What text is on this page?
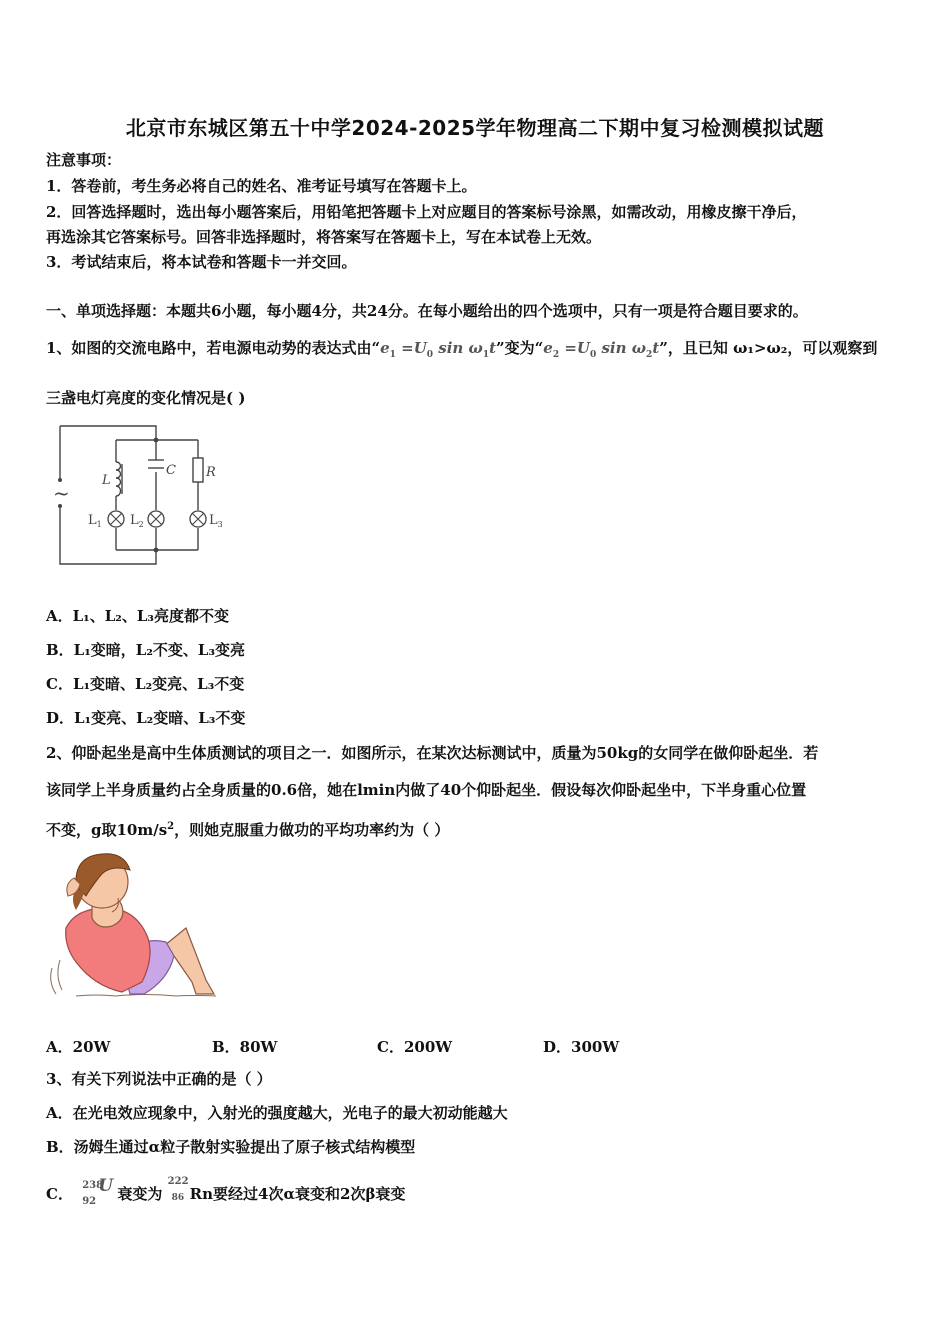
北京市东城区第五十中学2024-2025学年物理高二下期中复习检测模拟试题
注意事项：
1．答卷前，考生务必将自己的姓名、准考证号填写在答题卡上。
2．回答选择题时，选出每小题答案后，用铅笔把答题卡上对应题目的答案标号涂黑，如需改动，用橡皮擦干净后，
再选涂其它答案标号。回答非选择题时，将答案写在答题卡上，写在本试卷上无效。
3．考试结束后，将本试卷和答题卡一并交回。
一、单项选择题：本题共6小题，每小题4分，共24分。在每小题给出的四个选项中，只有一项是符合题目要求的。
1、如图的交流电路中，若电源电动势的表达式由“$e_1 =U_0$ $\sin \omega_1t$”变为“$e_2 =U_0$ $\sin \omega_2t$”，且已知 ω₁>ω₂，可以观察到
三盏电灯亮度的变化情况是( )
~
L
C R
$L_1$ $L_2$	$L_3$
A．L₁、L₂、L₃亮度都不变
B．L₁变暗，L₂不变、L₃变亮
C．L₁变暗、L₂变亮、L₃不变
D．L₁变亮、L₂变暗、L₃不变
2、仰卧起坐是高中生体质测试的项目之一．如图所示，在某次达标测试中，质量为50kg的女同学在做仰卧起坐．若
该同学上半身质量约占全身质量的0.6倍，她在lmin内做了40个仰卧起坐．假设每次仰卧起坐中，下半身重心位置
不变，g取$10m/s^2$，则她克服重力做功的平均功率约为（ ）
A．20W	B．80W	C．200W	D．300W
3、有关下列说法中正确的是（ ）
A．在光电效应现象中，入射光的强度越大，光电子的最大初动能越大
B．汤姆生通过α粒子散射实验提出了原子核式结构模型
C． 238
92
U 衰变为
222
86 Rn要经过4次α衰变和2次β衰变
